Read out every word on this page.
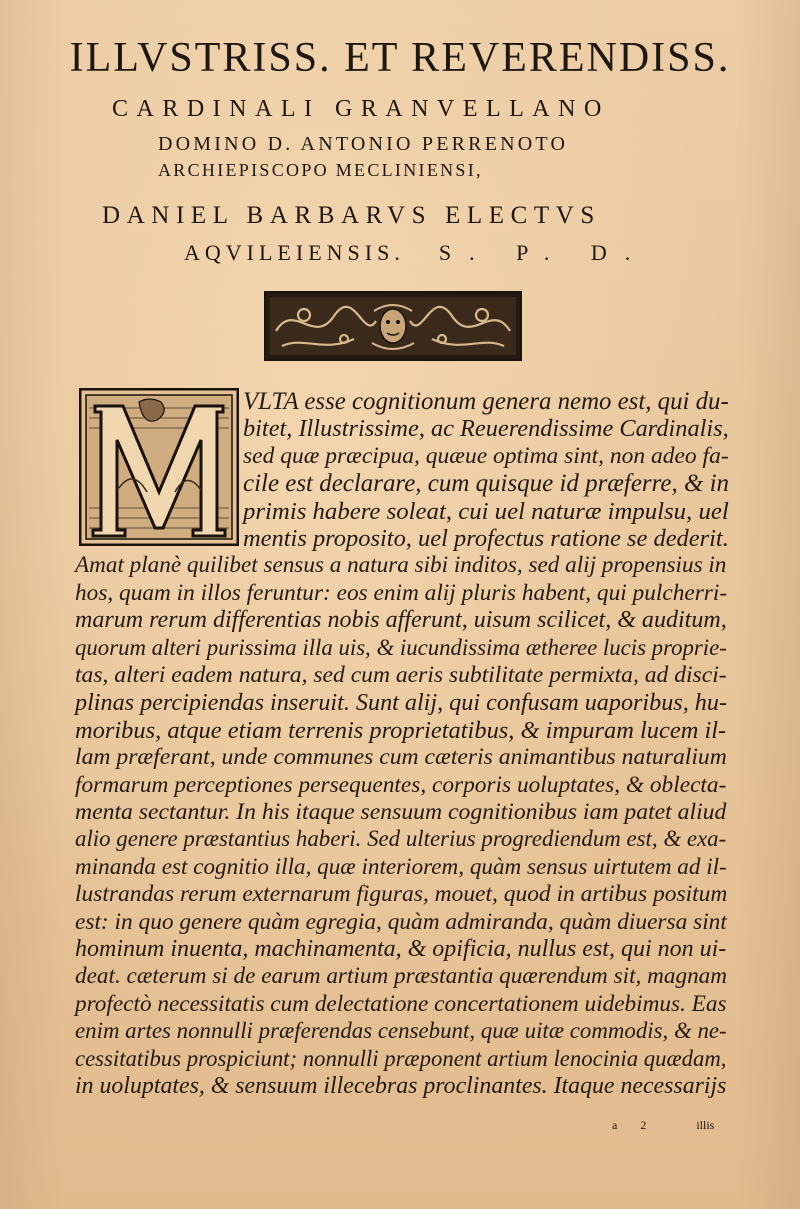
ILLVSTRISS. ET REVERENDISS.
CARDINALI GRANVELLANO
DOMINO D. ANTONIO PERRENOTO
ARCHIEPISCOPO MECLINIENSI,
DANIEL BARBARVS ELECTVS
AQVILEIENSIS. S. P. D.
VLTA esse cognitionum genera nemo est, qui du-
bitet, Illustrissime, ac Reuerendissime Cardinalis,
sed quæ præcipua, quæue optima sint, non adeo fa-
cile est declarare, cum quisque id præferre, & in
primis habere soleat, cui uel naturæ impulsu, uel
mentis proposito, uel profectus ratione se dederit.
Amat planè quilibet sensus a natura sibi inditos, sed alij propensius in
hos, quam in illos feruntur: eos enim alij pluris habent, qui pulcherri-
marum rerum differentias nobis afferunt, uisum scilicet, & auditum,
quorum alteri purissima illa uis, & iucundissima ætheree lucis proprie-
tas, alteri eadem natura, sed cum aeris subtilitate permixta, ad disci-
plinas percipiendas inseruit. Sunt alij, qui confusam uaporibus, hu-
moribus, atque etiam terrenis proprietatibus, & impuram lucem il-
lam præferant, unde communes cum cæteris animantibus naturalium
formarum perceptiones persequentes, corporis uoluptates, & oblecta-
menta sectantur. In his itaque sensuum cognitionibus iam patet aliud
alio genere præstantius haberi. Sed ulterius progrediendum est, & exa-
minanda est cognitio illa, quæ interiorem, quàm sensus uirtutem ad il-
lustrandas rerum externarum figuras, mouet, quod in artibus positum
est: in quo genere quàm egregia, quàm admiranda, quàm diuersa sint
hominum inuenta, machinamenta, & opificia, nullus est, qui non ui-
deat. cæterum si de earum artium præstantia quærendum sit, magnam
profectò necessitatis cum delectatione concertationem uidebimus. Eas
enim artes nonnulli præferendas censebunt, quæ uitæ commodis, & ne-
cessitatibus prospiciunt; nonnulli præponent artium lenocinia quædam,
in uoluptates, & sensuum illecebras proclinantes. Itaque necessarijs
a 2	illis
